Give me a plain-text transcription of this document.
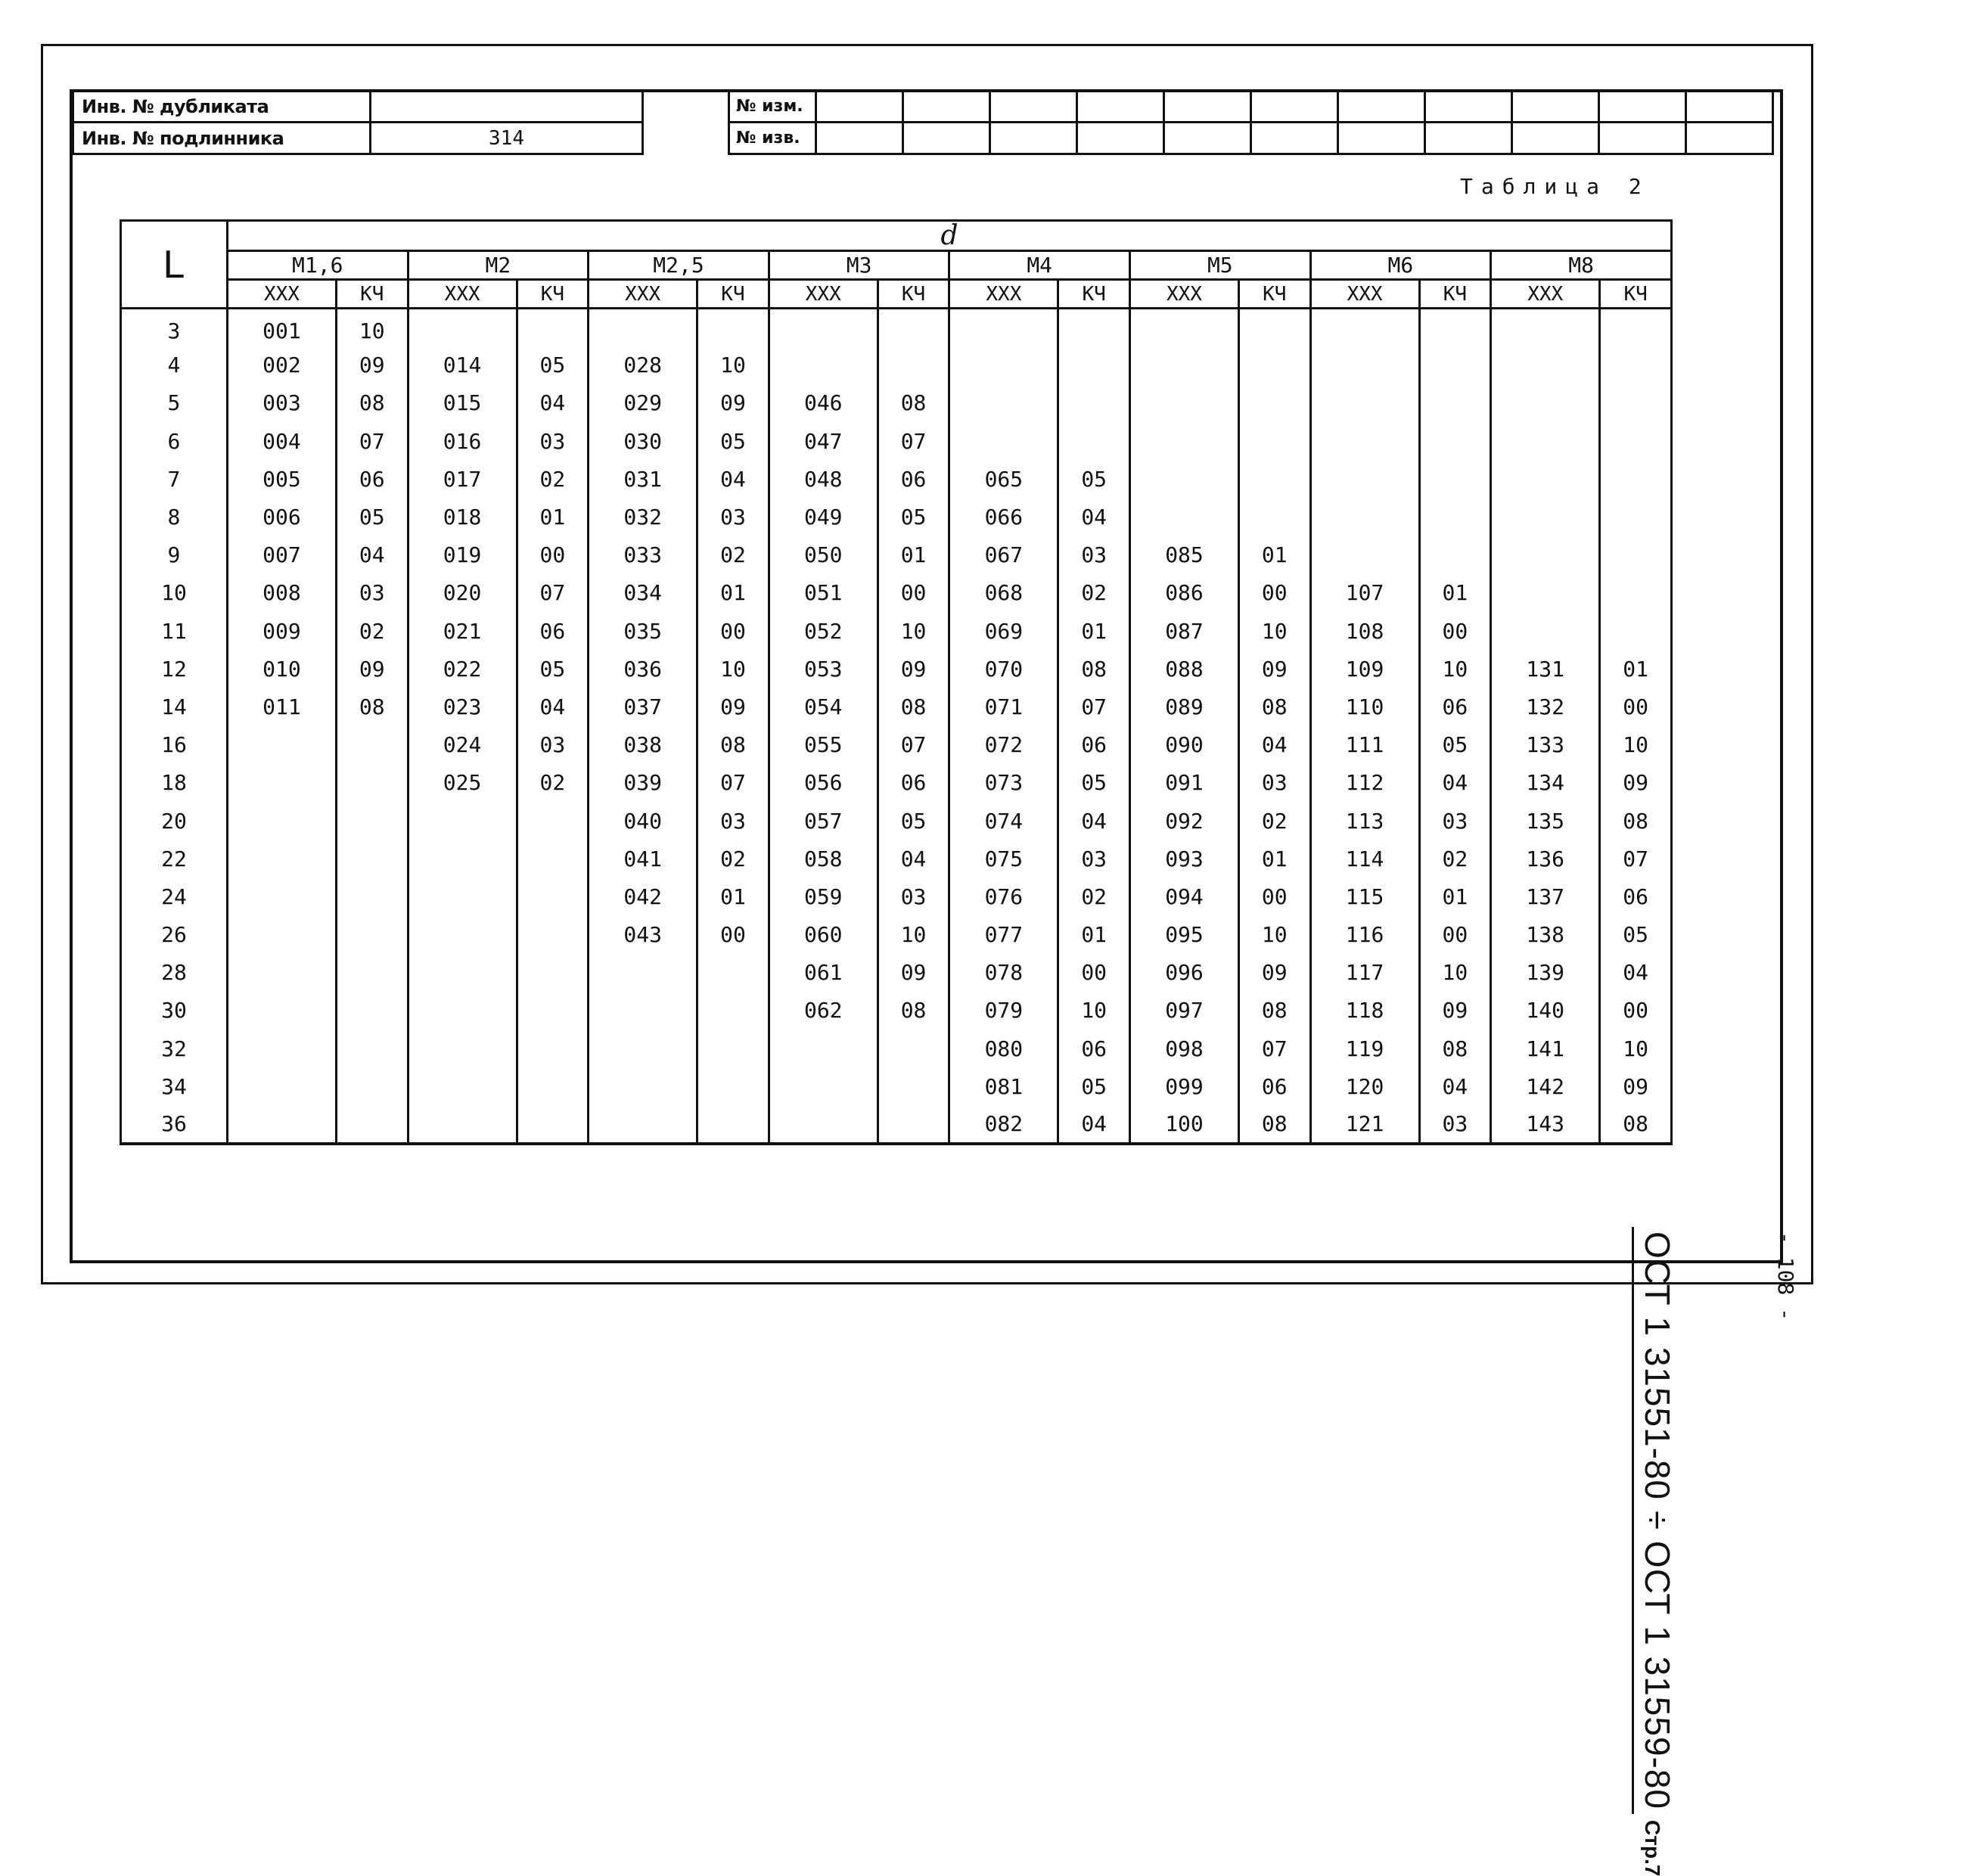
Инв. № дубликата	
Инв. № подлинника	314
№ изм.											
№ изв.											
Таблица 2
L	d															
	M1,6		M2		M2,5		M3		M4		M5		M6		M8	
	XXX	КЧ	XXX	КЧ	XXX	КЧ	XXX	КЧ	XXX	КЧ	XXX	КЧ	XXX	КЧ	XXX	КЧ
3	001	10														
4	002	09	014	05	028	10										
5	003	08	015	04	029	09	046	08								
6	004	07	016	03	030	05	047	07								
7	005	06	017	02	031	04	048	06	065	05						
8	006	05	018	01	032	03	049	05	066	04						
9	007	04	019	00	033	02	050	01	067	03	085	01				
10	008	03	020	07	034	01	051	00	068	02	086	00	107	01		
11	009	02	021	06	035	00	052	10	069	01	087	10	108	00		
12	010	09	022	05	036	10	053	09	070	08	088	09	109	10	131	01
14	011	08	023	04	037	09	054	08	071	07	089	08	110	06	132	00
16			024	03	038	08	055	07	072	06	090	04	111	05	133	10
18			025	02	039	07	056	06	073	05	091	03	112	04	134	09
20					040	03	057	05	074	04	092	02	113	03	135	08
22					041	02	058	04	075	03	093	01	114	02	136	07
24					042	01	059	03	076	02	094	00	115	01	137	06
26					043	00	060	10	077	01	095	10	116	00	138	05
28							061	09	078	00	096	09	117	10	139	04
30							062	08	079	10	097	08	118	09	140	00
32									080	06	098	07	119	08	141	10
34									081	05	099	06	120	04	142	09
36									082	04	100	08	121	03	143	08
ОСТ 1 31551-80 ÷ ОСТ 1 31559-80Стр.7
- 108 -
